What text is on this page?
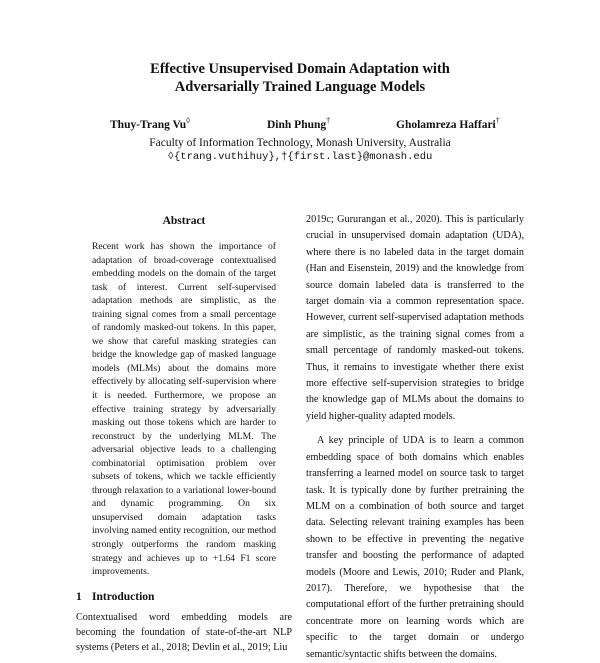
Effective Unsupervised Domain Adaptation with
Adversarially Trained Language Models
Thuy-Trang Vu◊	Dinh Phung†	Gholamreza Haffari†
Faculty of Information Technology, Monash University, Australia
◊{trang.vuthihuy},†{first.last}@monash.edu
Abstract

Recent work has shown the importance of adaptation of broad-coverage contextualised embedding models on the domain of the target task of interest. Current self-supervised adaptation methods are simplistic, as the training signal comes from a small percentage of randomly masked-out tokens. In this paper, we show that careful masking strategies can bridge the knowledge gap of masked language models (MLMs) about the domains more effectively by allocating self-supervision where it is needed. Furthermore, we propose an effective training strategy by adversarially masking out those tokens which are harder to reconstruct by the underlying MLM. The adversarial objective leads to a challenging combinatorial optimisation problem over subsets of tokens, which we tackle efficiently through relaxation to a variational lower-bound and dynamic programming. On six unsupervised domain adaptation tasks involving named entity recognition, our method strongly outperforms the random masking strategy and achieves up to +1.64 F1 score improvements.

1 Introduction

Contextualised word embedding models are becoming the foundation of state-of-the-art NLP systems (Peters et al., 2018; Devlin et al., 2019; Liu

2019c; Gururangan et al., 2020). This is particularly crucial in unsupervised domain adaptation (UDA), where there is no labeled data in the target domain (Han and Eisenstein, 2019) and the knowledge from source domain labeled data is transferred to the target domain via a common representation space. However, current self-supervised adaptation methods are simplistic, as the training signal comes from a small percentage of randomly masked-out tokens. Thus, it remains to investigate whether there exist more effective self-supervision strategies to bridge the knowledge gap of MLMs about the domains to yield higher-quality adapted models.

A key principle of UDA is to learn a common embedding space of both domains which enables transferring a learned model on source task to target task. It is typically done by further pretraining the MLM on a combination of both source and target data. Selecting relevant training examples has been shown to be effective in preventing the negative transfer and boosting the performance of adapted models (Moore and Lewis, 2010; Ruder and Plank, 2017). Therefore, we hypothesise that the computational effort of the further pretraining should concentrate more on learning words which are specific to the target domain or undergo semantic/syntactic shifts between the domains.
